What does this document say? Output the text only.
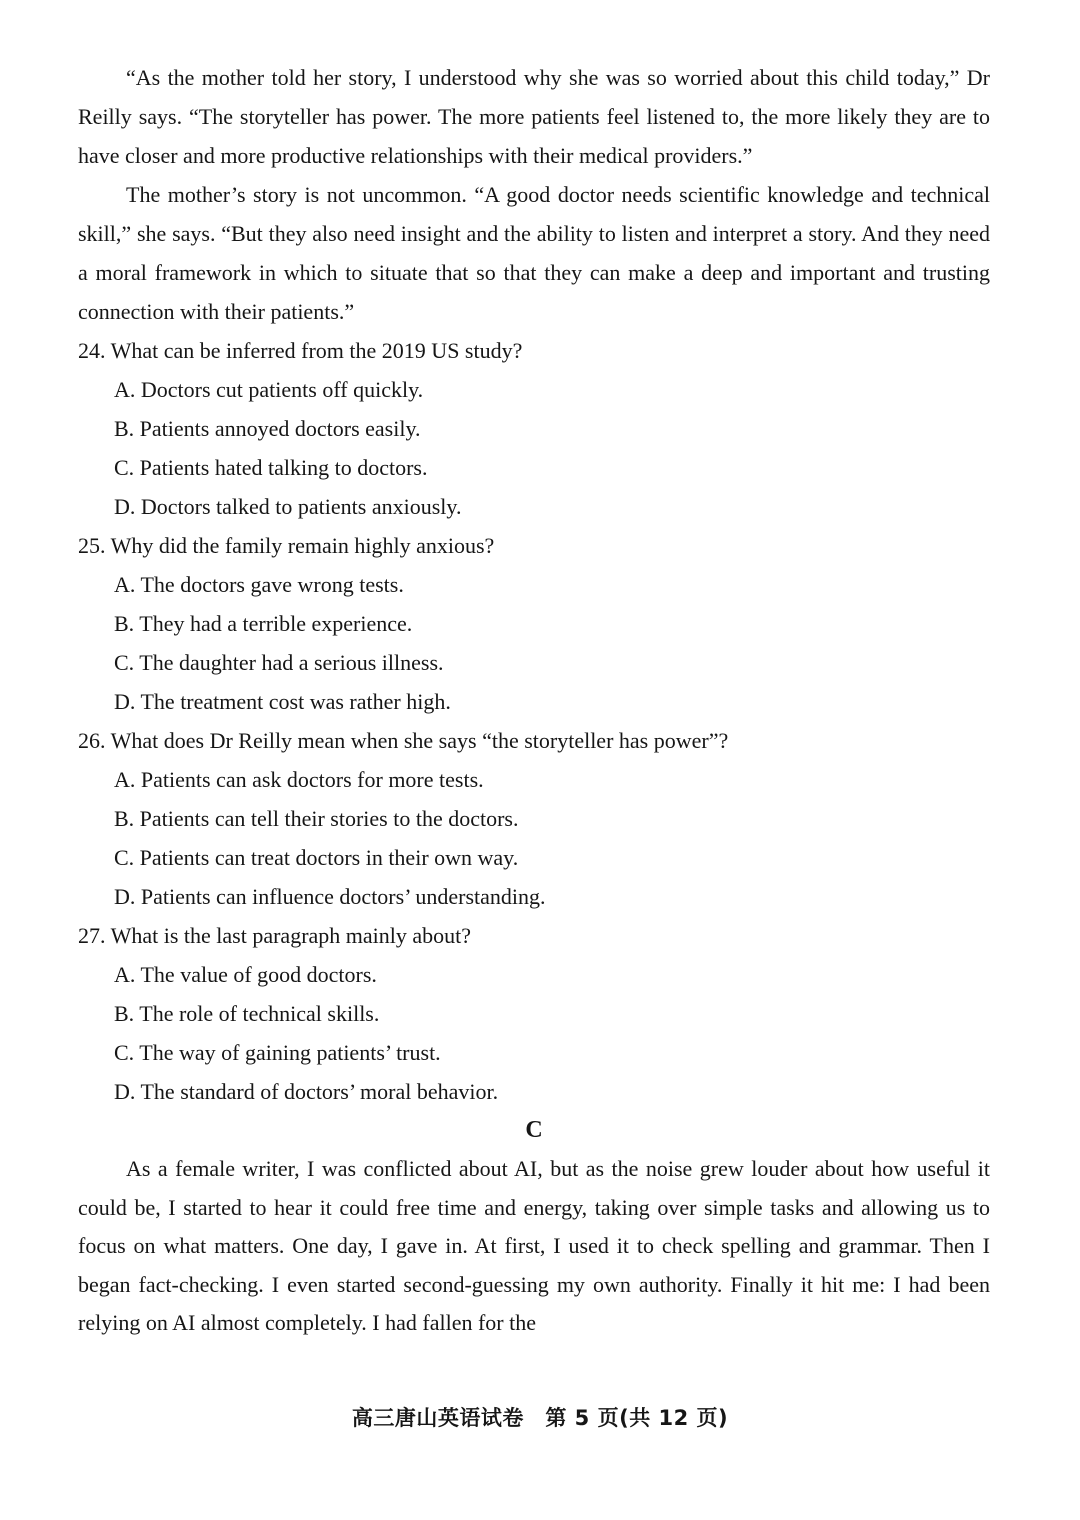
“As the mother told her story, I understood why she was so worried about this child today,” Dr Reilly says. “The storyteller has power. The more patients feel listened to, the more likely they are to have closer and more productive relationships with their medical providers.”

The mother’s story is not uncommon. “A good doctor needs scientific knowledge and technical skill,” she says. “But they also need insight and the ability to listen and interpret a story. And they need a moral framework in which to situate that so that they can make a deep and important and trusting connection with their patients.”

24. What can be inferred from the 2019 US study?

A. Doctors cut patients off quickly.

B. Patients annoyed doctors easily.

C. Patients hated talking to doctors.

D. Doctors talked to patients anxiously.

25. Why did the family remain highly anxious?

A. The doctors gave wrong tests.

B. They had a terrible experience.

C. The daughter had a serious illness.

D. The treatment cost was rather high.

26. What does Dr Reilly mean when she says “the storyteller has power”?

A. Patients can ask doctors for more tests.

B. Patients can tell their stories to the doctors.

C. Patients can treat doctors in their own way.

D. Patients can influence doctors’ understanding.

27. What is the last paragraph mainly about?

A. The value of good doctors.

B. The role of technical skills.

C. The way of gaining patients’ trust.

D. The standard of doctors’ moral behavior.

C

As a female writer, I was conflicted about AI, but as the noise grew louder about how useful it could be, I started to hear it could free time and energy, taking over simple tasks and allowing us to focus on what matters. One day, I gave in. At first, I used it to check spelling and grammar. Then I began fact-checking. I even started second-guessing my own authority. Finally it hit me: I had been relying on AI almost completely. I had fallen for the

高三唐山英语试卷　第 5 页(共 12 页)
